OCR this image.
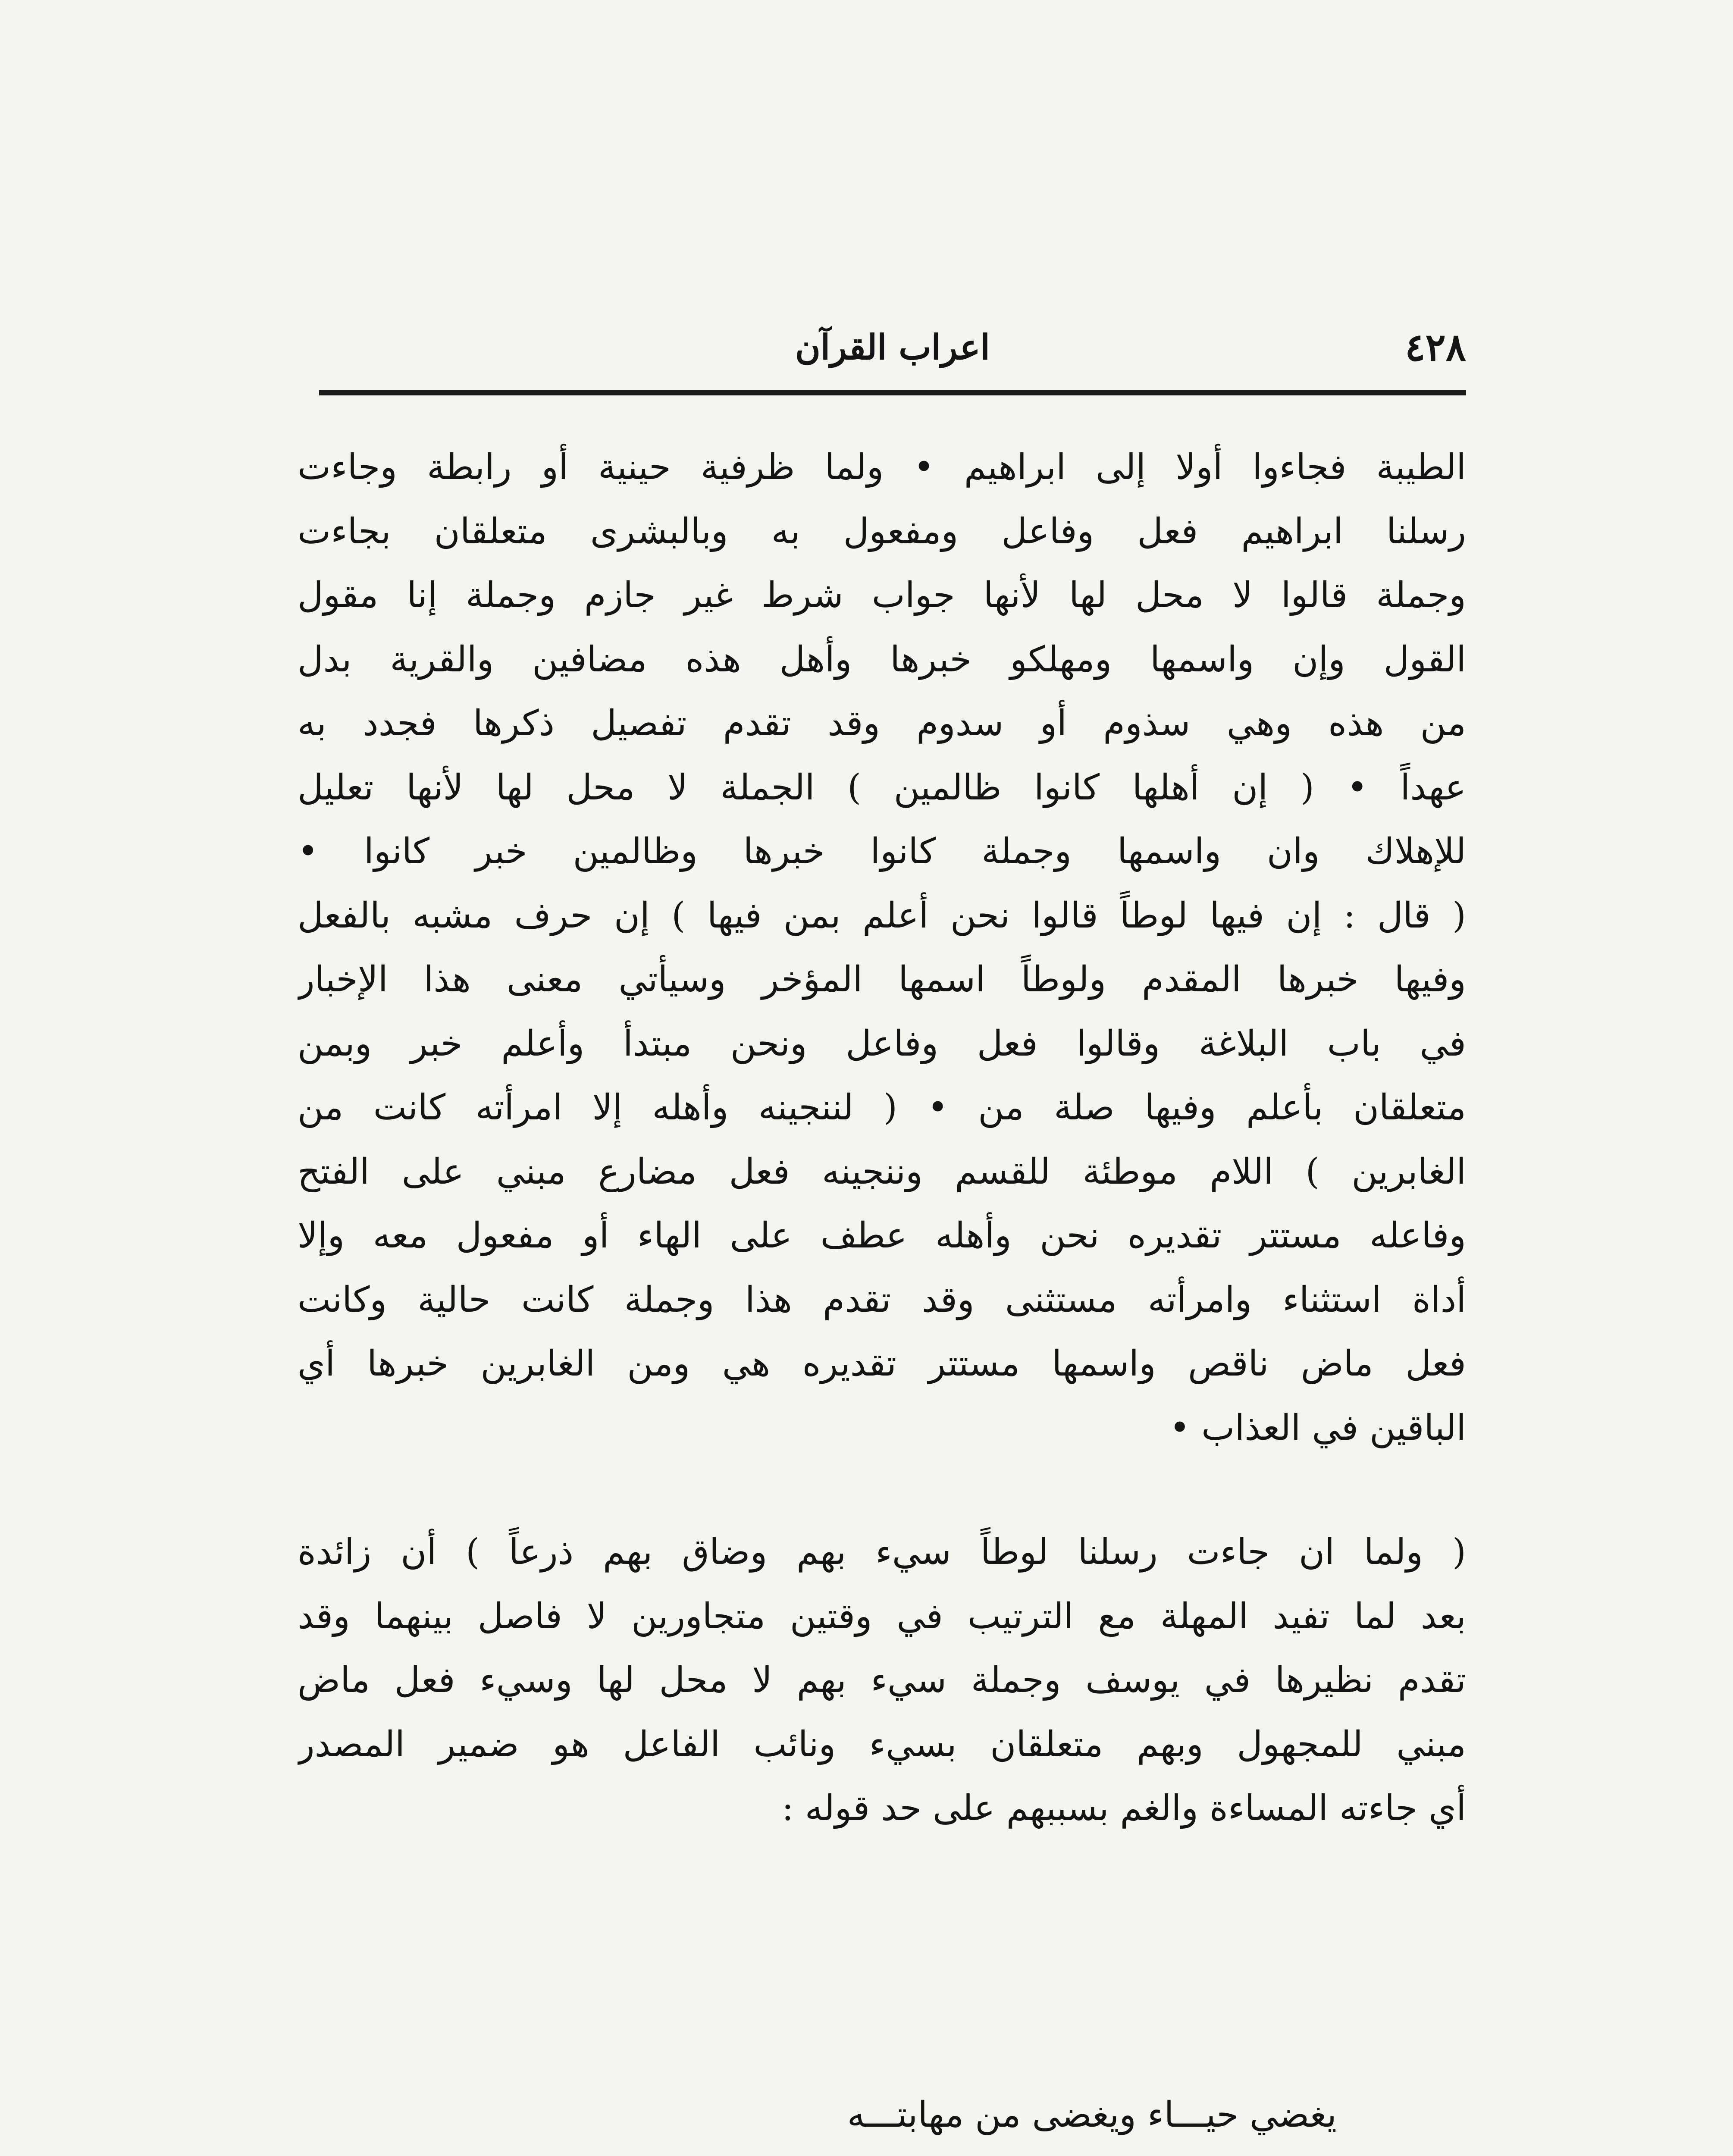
٤٢٨
اعراب القرآن
الطيبة فجاءوا أولا إلى ابراهيم • ولما ظرفية حينية أو رابطة وجاءت
رسلنا ابراهيم فعل وفاعل ومفعول به وبالبشرى متعلقان بجاءت
وجملة قالوا لا محل لها لأنها جواب شرط غير جازم وجملة إنا مقول
القول وإن واسمها ومهلكو خبرها وأهل هذه مضافين والقرية بدل
من هذه وهي سذوم أو سدوم وقد تقدم تفصيل ذكرها فجدد به
عهداً • ( إن أهلها كانوا ظالمين ) الجملة لا محل لها لأنها تعليل
للإهلاك وان واسمها وجملة كانوا خبرها وظالمين خبر كانوا •
( قال : إن فيها لوطاً قالوا نحن أعلم بمن فيها ) إن حرف مشبه بالفعل
وفيها خبرها المقدم ولوطاً اسمها المؤخر وسيأتي معنى هذا الإخبار
في باب البلاغة وقالوا فعل وفاعل ونحن مبتدأ وأعلم خبر وبمن
متعلقان بأعلم وفيها صلة من • ( لننجينه وأهله إلا امرأته كانت من
الغابرين ) اللام موطئة للقسم وننجينه فعل مضارع مبني على الفتح
وفاعله مستتر تقديره نحن وأهله عطف على الهاء أو مفعول معه وإلا
أداة استثناء وامرأته مستثنى وقد تقدم هذا وجملة كانت حالية وكانت
فعل ماض ناقص واسمها مستتر تقديره هي ومن الغابرين خبرها أي
الباقين في العذاب •
( ولما ان جاءت رسلنا لوطاً سيء بهم وضاق بهم ذرعاً ) أن زائدة
بعد لما تفيد المهلة مع الترتيب في وقتين متجاورين لا فاصل بينهما وقد
تقدم نظيرها في يوسف وجملة سيء بهم لا محل لها وسيء فعل ماض
مبني للمجهول وبهم متعلقان بسيء ونائب الفاعل هو ضمير المصدر
أي جاءته المساءة والغم بسببهم على حد قوله :
يغضي حيـــاء ويغضى من مهابتـــه
